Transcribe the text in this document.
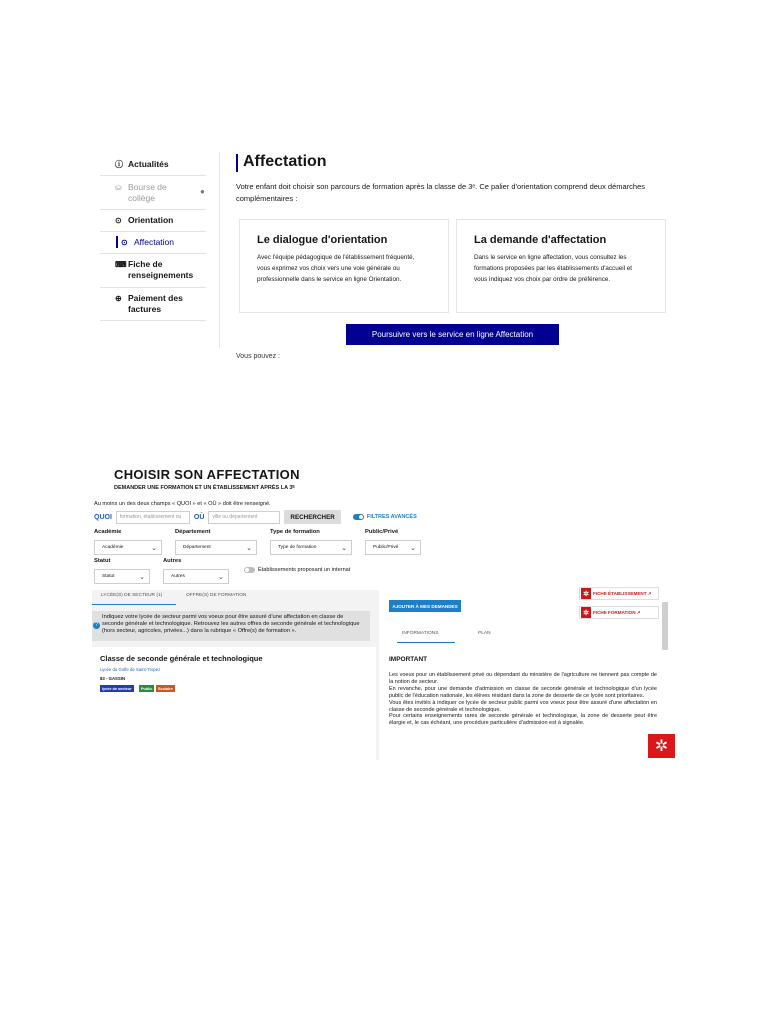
ⓘ Actualités
⛀ Bourse de collège
●
⊙ Orientation
⊙ Affectation
⌨ Fiche de renseignements
⊕ Paiement des factures
Affectation
Votre enfant doit choisir son parcours de formation après la classe de 3ᵉ. Ce palier d'orientation comprend deux démarches complémentaires :
Le dialogue d'orientation

Avec l'équipe pédagogique de l'établissement fréquenté, vous exprimez vos choix vers une voie générale ou professionnelle dans le service en ligne Orientation.

La demande d'affectation

Dans le service en ligne affectation, vous consultez les formations proposées par les établissements d'accueil et vous indiquez vos choix par ordre de préférence.

Poursuivre vers le service en ligne Affectation
Vous pouvez :
CHOISIR SON AFFECTATION
DEMANDER UNE FORMATION ET UN ÉTABLISSEMENT APRÈS LA 3ᴱ
Au moins un des deux champs « QUOI » et « OÙ » doit être renseigné.
QUOI	formation, établissement ou	OÙ	ville ou département	RECHERCHER	FILTRES AVANCÉS
Académie
Académie	⌄
Département
Département	⌄
Type de formation
Type de formation	⌄
Public/Privé
Public/Privé ⌄
Statut
Statut	⌄
Autres
Autres	⌄
Établissements proposant un internat
LYCÉE(S) DE SECTEUR (1)	OFFRE(S) DE FORMATION
?
Indiquez votre lycée de secteur parmi vos voeux pour être assuré d'une affectation en classe de seconde générale et technologique. Retrouvez les autres offres de seconde générale et technologique (hors secteur, agricoles, privées...) dans la rubrique « Offre(s) de formation ».
Classe de seconde générale et technologique
Lycée du Golfe de Saint-Tropez
83 - GASSIN
lycée de secteur	Public	Scolaire
AJOUTER À MES DEMANDES
✲ FICHE ÉTABLISSEMENT ↗
✲ FICHE FORMATION ↗
INFORMATIONS	PLAN
IMPORTANT
Les voeux pour un établissement privé ou dépendant du ministère de l'agriculture ne tiennent pas compte de la notion de secteur.
En revanche, pour une demande d'admission en classe de seconde générale et technologique d'un lycée public de l'éducation nationale, les élèves résidant dans la zone de desserte de ce lycée sont prioritaires.
Vous êtes invités à indiquer ce lycée de secteur public parmi vos voeux pour être assuré d'une affectation en classe de seconde générale et technologique.
Pour certains enseignements rares de seconde générale et technologique, la zone de desserte peut être élargie et, le cas échéant, une procédure particulière d'admission est à signalée.
✲
